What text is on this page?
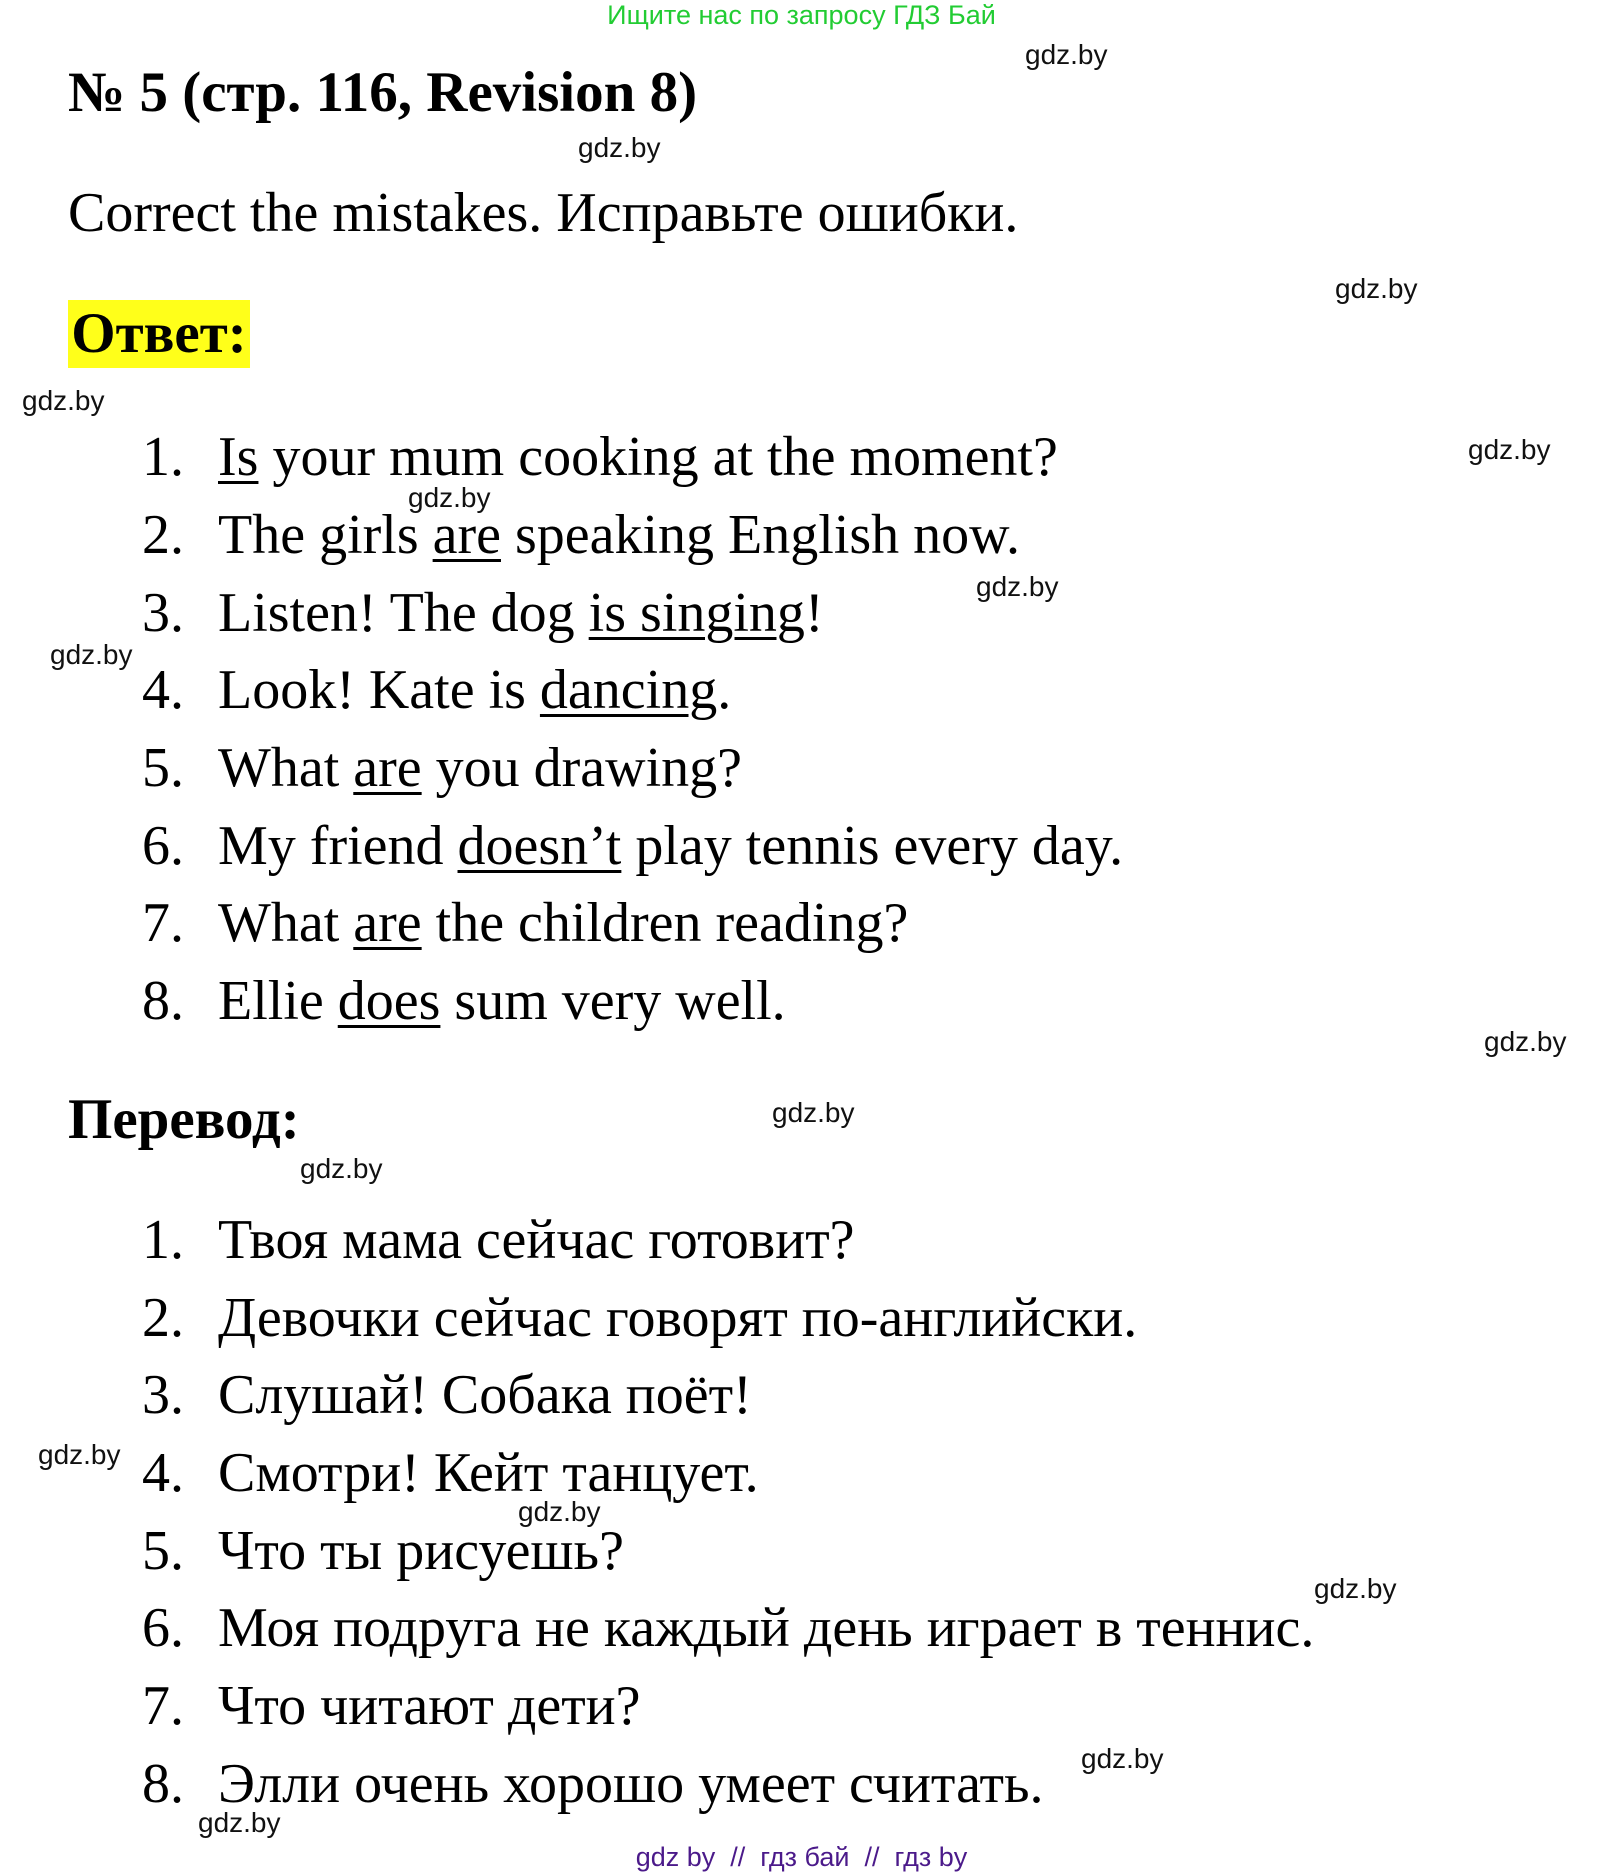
Ищите нас по запросу ГДЗ Бай
gdz.by
gdz.by
gdz.by
gdz.by
gdz.by
gdz.by
gdz.by
gdz.by
gdz.by
gdz.by
gdz.by
gdz.by
gdz.by
gdz.by
gdz.by
gdz.by
№ 5 (стр. 116, Revision 8)
Correct the mistakes. Исправьте ошибки.
Ответ:
1. Is your mum cooking at the moment?
2. The girls are speaking English now.
3. Listen! The dog is singing!
4. Look! Kate is dancing.
5. What are you drawing?
6. My friend doesn’t play tennis every day.
7. What are the children reading?
8. Ellie does sum very well.
Перевод:
1. Твоя мама сейчас готовит?
2. Девочки сейчас говорят по-английски.
3. Слушай! Собака поёт!
4. Смотри! Кейт танцует.
5. Что ты рисуешь?
6. Моя подруга не каждый день играет в теннис.
7. Что читают дети?
8. Элли очень хорошо умеет считать.
gdz by  //  гдз бай  //  гдз by
